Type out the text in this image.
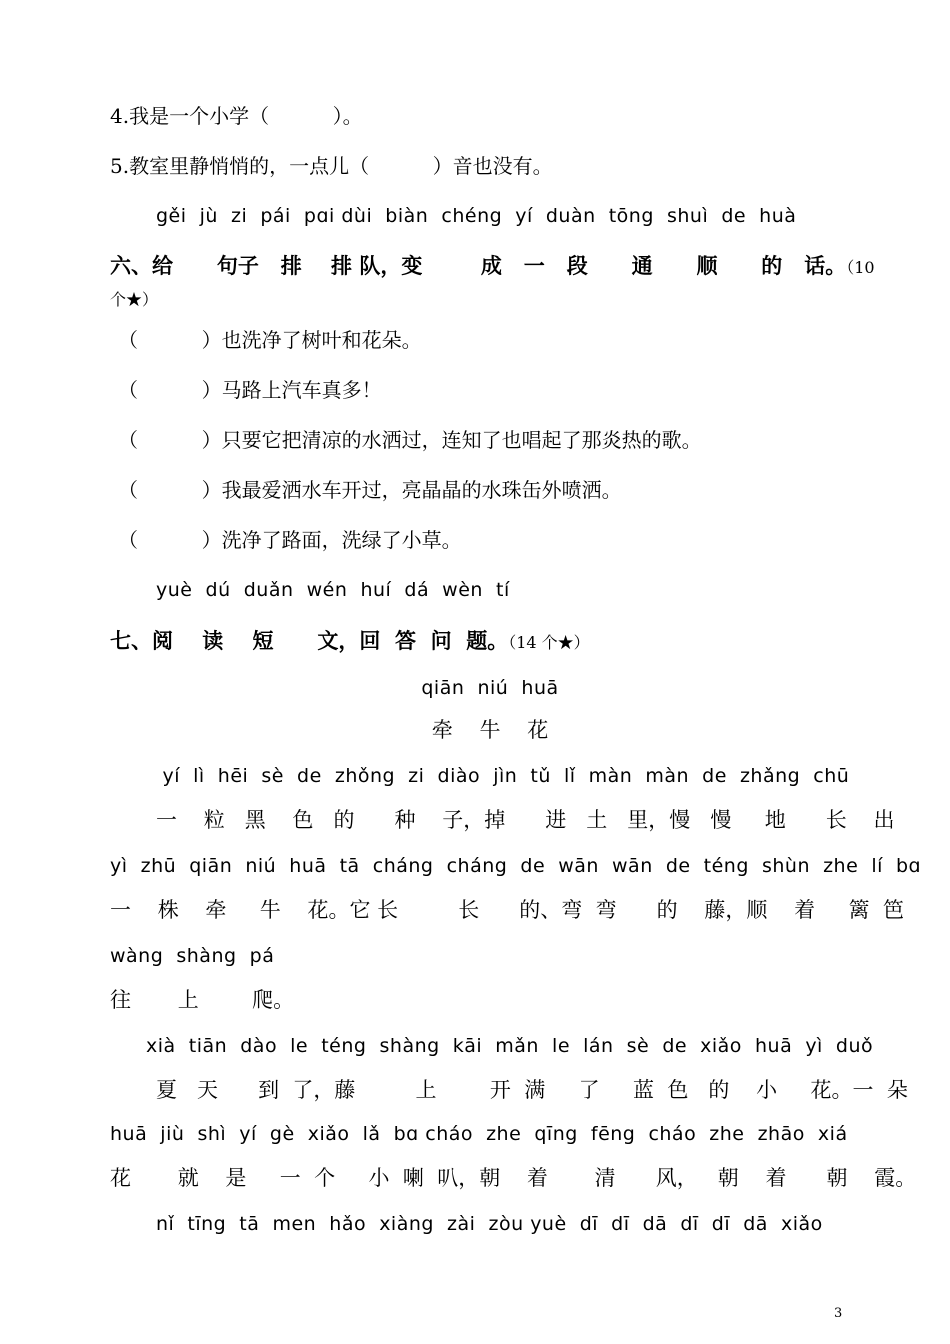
4.我是一个小学（          ）。
5.教室里静悄悄的，一点儿（          ）音也没有。
gěi  jù  zi  pái  pɑi dùi  biàn  chéng  yí  duàn  tōng  shuì  de  huà
六、给      句子   排    排 队，变        成   一   段      通      顺      的   话。（10
个★）
（          ）也洗净了树叶和花朵。
（          ）马路上汽车真多！
（          ）只要它把清凉的水洒过，连知了也唱起了那炎热的歌。
（          ）我最爱洒水车开过，亮晶晶的水珠缶外喷洒。
（          ）洗净了路面，洗绿了小草。
yuè  dú  duǎn  wén  huí  dá  wèn  tí
七、阅    读    短      文，回  答  问  题。（14 个★）
qiān  niú  huā
牵    牛    花
yí  lì  hēi  sè  de  zhǒng  zi  diào  jìn  tǔ  lǐ  màn  màn  de  zhǎng  chū
一    粒   黑    色   的      种    子，掉      进   土   里，慢   慢     地      长    出
yì  zhū  qiān  niú  huā  tā  cháng  cháng  de  wān  wān  de  téng  shùn  zhe  lí  bɑ
一    株    牵     牛    花。它 长         长      的、弯  弯      的    藤，顺    着     篱  笆
wàng  shàng  pá
往       上        爬。
xià  tiān  dào  le  téng  shàng  kāi  mǎn  le  lán  sè  de  xiǎo  huā  yì  duǒ
夏   天      到  了，藤         上        开  满     了     蓝  色   的    小     花。一  朵
huā  jiù  shì  yí  gè  xiǎo  lǎ  bɑ cháo  zhe  qīng  fēng  cháo  zhe  zhāo  xiá
花       就    是     一  个     小  喇  叭，朝    着       清      风，   朝    着      朝    霞。
nǐ  tīng  tā  men  hǎo  xiàng  zài  zòu yuè  dī  dī  dā  dī  dī  dā  xiǎo
3
